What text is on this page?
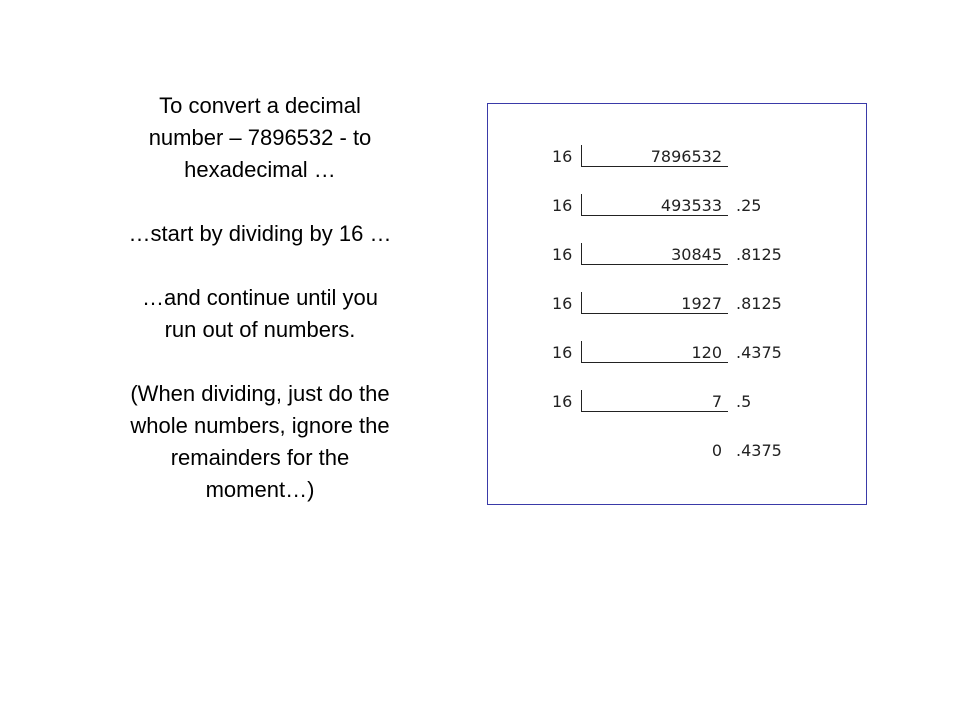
To convert a decimal
number – 7896532 - to
hexadecimal …

…start by dividing by 16 …

…and continue until you
run out of numbers.

(When dividing, just do the
whole numbers, ignore the
remainders for the
moment…)

16	7896532
16	493533 .25
16	30845 .8125
16	1927 .8125
16	120 .4375
16	7 .5
0 .4375
